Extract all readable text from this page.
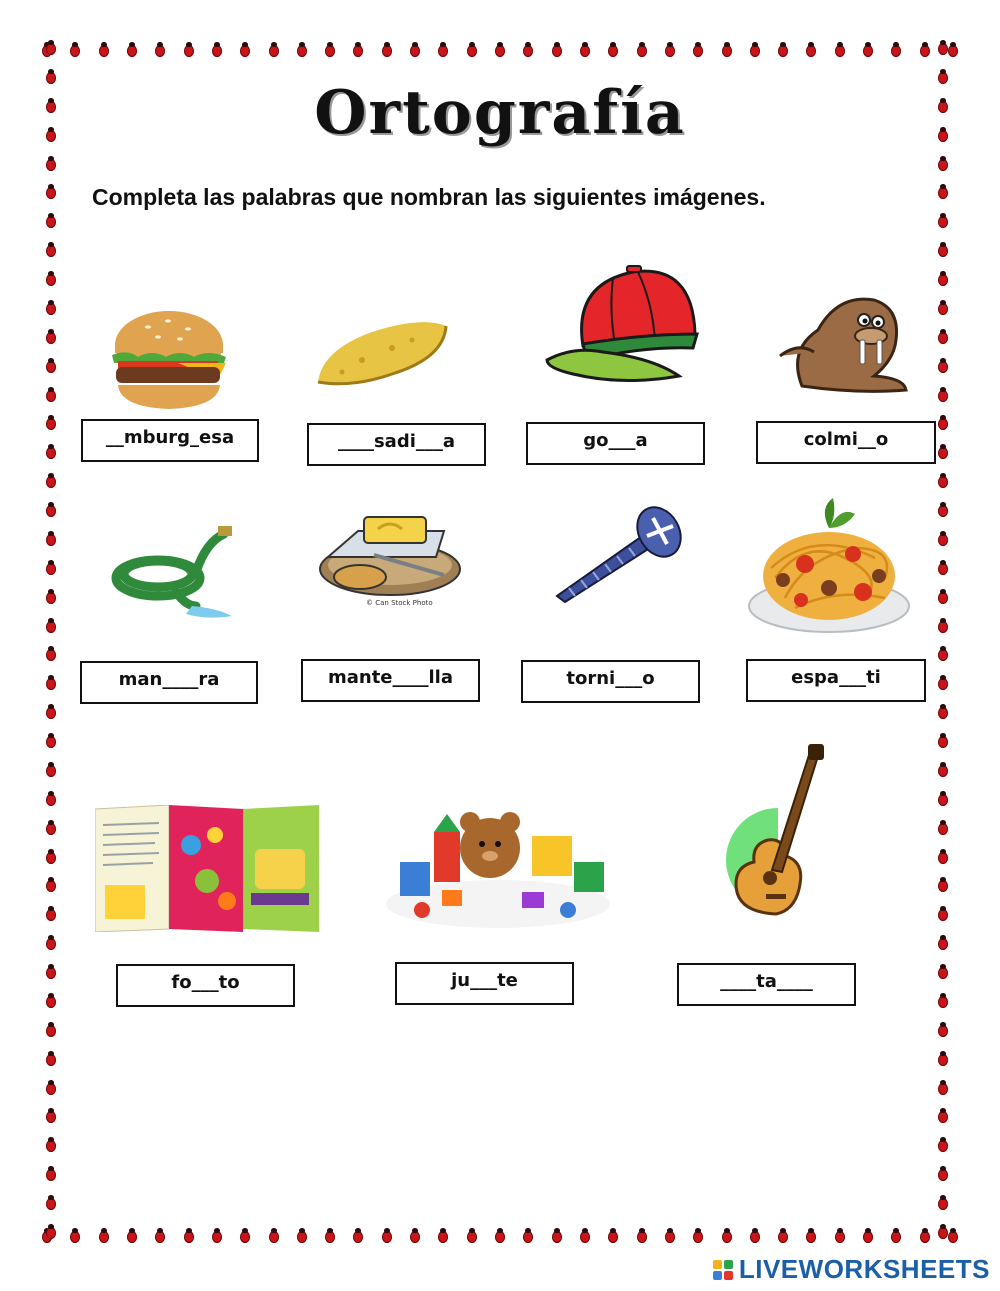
Ortografía
Completa las palabras que nombran las siguientes imágenes.
__mburg_esa	____sadi___a	go___a	colmi__o
© Can Stock Photo
man____ra	mante____lla	torni___o	espa___ti
fo___to	ju___te	____ta____
LIVEWORKSHEETS
